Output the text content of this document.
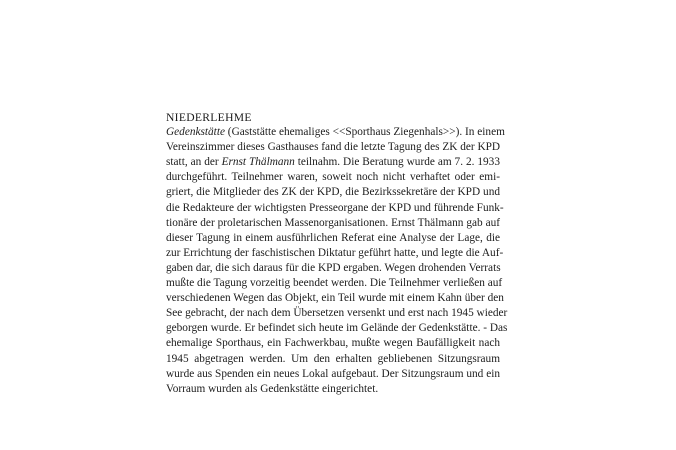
NIEDERLEHME
Gedenkstätte (Gaststätte ehemaliges <<Sporthaus Ziegenhals>>). In einem
Vereinszimmer dieses Gasthauses fand die letzte Tagung des ZK der KPD
statt, an der Ernst Thälmann teilnahm. Die Beratung wurde am 7. 2. 1933
durchgeführt. Teilnehmer waren, soweit noch nicht verhaftet oder emi-
griert, die Mitglieder des ZK der KPD, die Bezirkssekretäre der KPD und
die Redakteure der wichtigsten Presseorgane der KPD und führende Funk-
tionäre der proletarischen Massenorganisationen. Ernst Thälmann gab auf
dieser Tagung in einem ausführlichen Referat eine Analyse der Lage, die
zur Errichtung der faschistischen Diktatur geführt hatte, und legte die Auf-
gaben dar, die sich daraus für die KPD ergaben. Wegen drohenden Verrats
mußte die Tagung vorzeitig beendet werden. Die Teilnehmer verließen auf
verschiedenen Wegen das Objekt, ein Teil wurde mit einem Kahn über den
See gebracht, der nach dem Übersetzen versenkt und erst nach 1945 wieder
geborgen wurde. Er befindet sich heute im Gelände der Gedenkstätte. - Das
ehemalige Sporthaus, ein Fachwerkbau, mußte wegen Baufälligkeit nach
1945 abgetragen werden. Um den erhalten gebliebenen Sitzungsraum
wurde aus Spenden ein neues Lokal aufgebaut. Der Sitzungsraum und ein
Vorraum wurden als Gedenkstätte eingerichtet.
